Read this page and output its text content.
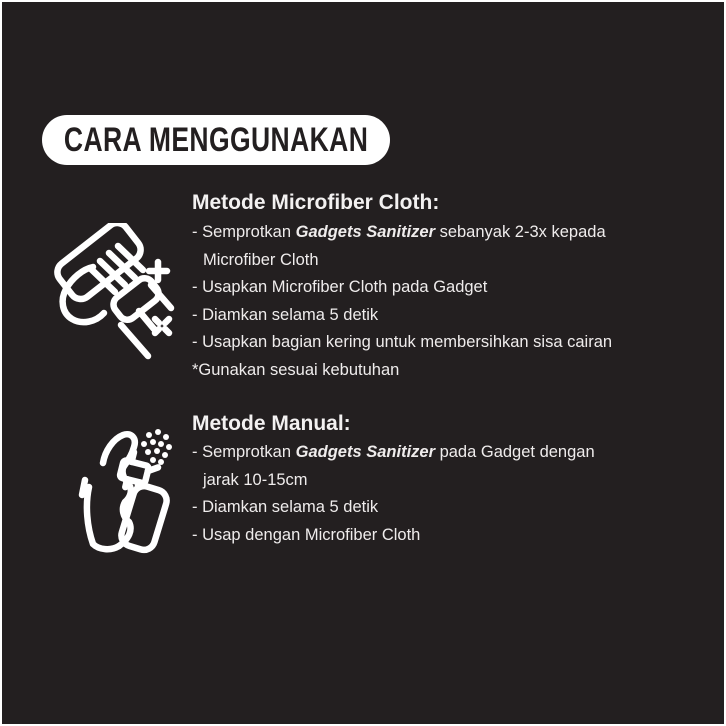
CARA MENGGUNAKAN
Metode Microfiber Cloth:
- Semprotkan Gadgets Sanitizer sebanyak 2-3x kepada
Microfiber Cloth
- Usapkan Microfiber Cloth pada Gadget
- Diamkan selama 5 detik
- Usapkan bagian kering untuk membersihkan sisa cairan
*Gunakan sesuai kebutuhan
Metode Manual:
- Semprotkan Gadgets Sanitizer pada Gadget dengan
jarak 10-15cm
- Diamkan selama 5 detik
- Usap dengan Microfiber Cloth
